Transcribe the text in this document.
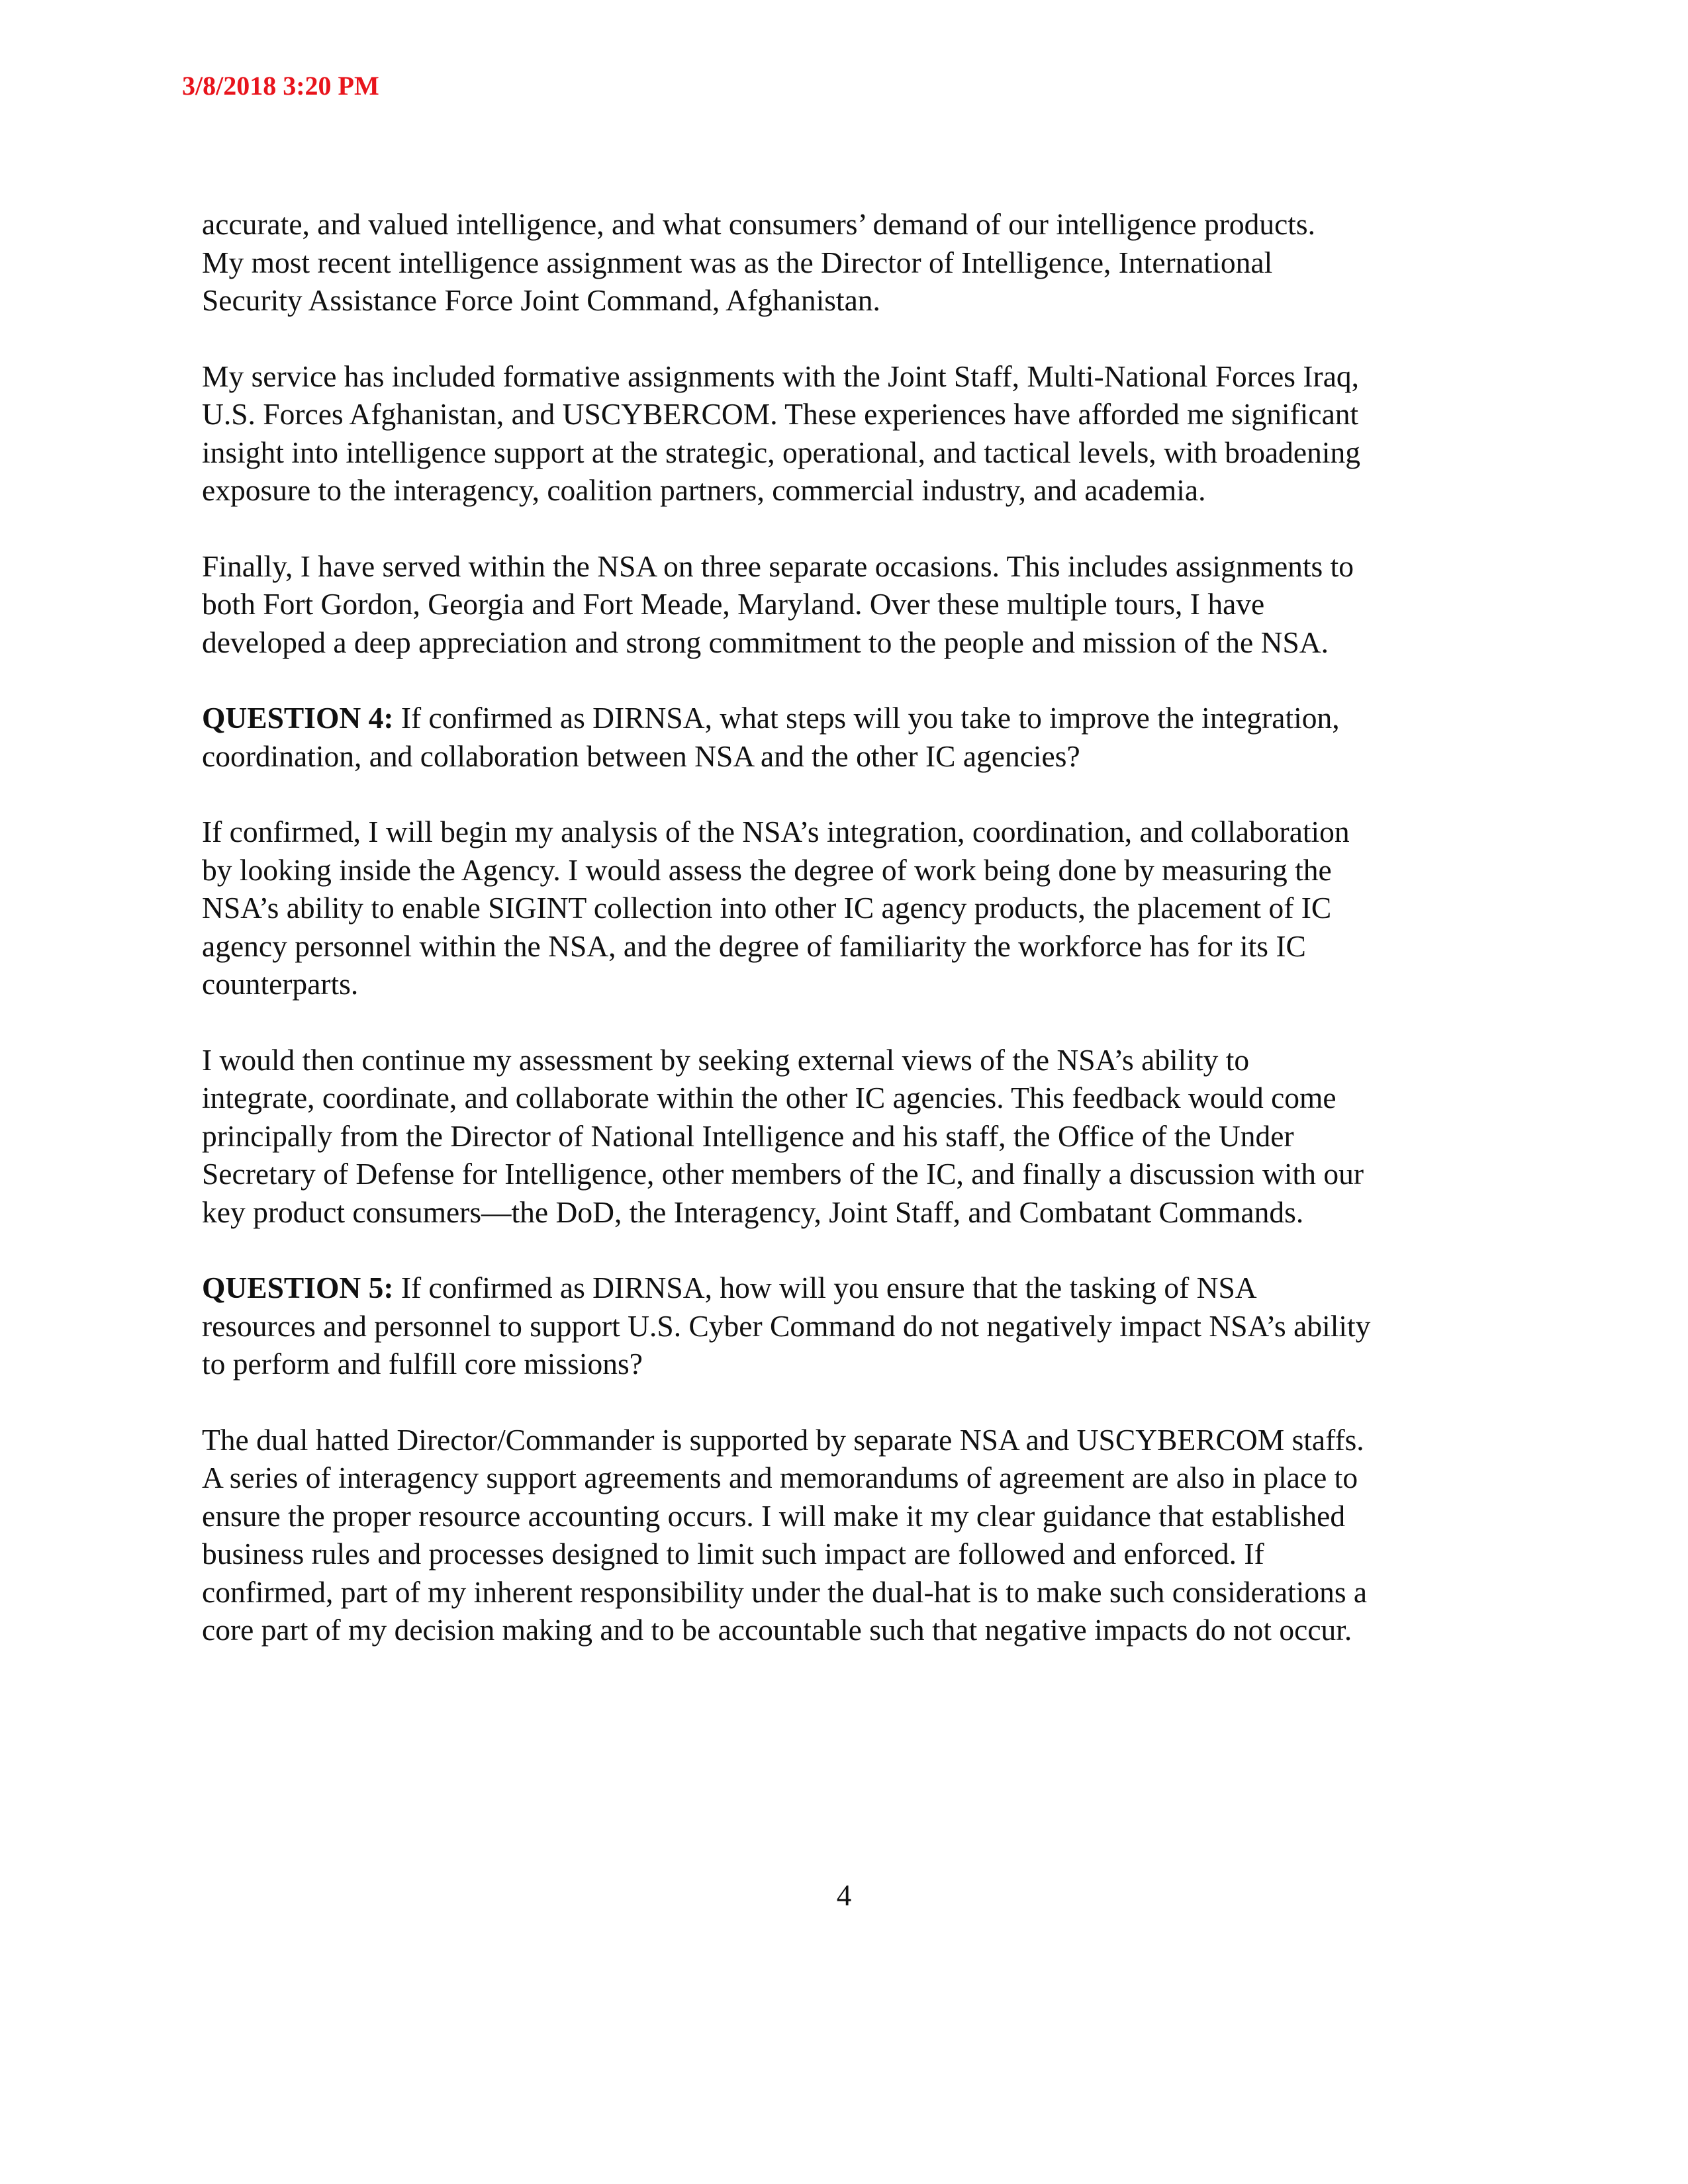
3/8/2018 3:20 PM

accurate, and valued intelligence, and what consumers’ demand of our intelligence products.
My most recent intelligence assignment was as the Director of Intelligence, International
Security Assistance Force Joint Command, Afghanistan.

My service has included formative assignments with the Joint Staff, Multi-National Forces Iraq,
U.S. Forces Afghanistan, and USCYBERCOM. These experiences have afforded me significant
insight into intelligence support at the strategic, operational, and tactical levels, with broadening
exposure to the interagency, coalition partners, commercial industry, and academia.

Finally, I have served within the NSA on three separate occasions. This includes assignments to
both Fort Gordon, Georgia and Fort Meade, Maryland. Over these multiple tours, I have
developed a deep appreciation and strong commitment to the people and mission of the NSA.

QUESTION 4: If confirmed as DIRNSA, what steps will you take to improve the integration,
coordination, and collaboration between NSA and the other IC agencies?

If confirmed, I will begin my analysis of the NSA’s integration, coordination, and collaboration
by looking inside the Agency. I would assess the degree of work being done by measuring the
NSA’s ability to enable SIGINT collection into other IC agency products, the placement of IC
agency personnel within the NSA, and the degree of familiarity the workforce has for its IC
counterparts.

I would then continue my assessment by seeking external views of the NSA’s ability to
integrate, coordinate, and collaborate within the other IC agencies. This feedback would come
principally from the Director of National Intelligence and his staff, the Office of the Under
Secretary of Defense for Intelligence, other members of the IC, and finally a discussion with our
key product consumers—the DoD, the Interagency, Joint Staff, and Combatant Commands.

QUESTION 5: If confirmed as DIRNSA, how will you ensure that the tasking of NSA
resources and personnel to support U.S. Cyber Command do not negatively impact NSA’s ability
to perform and fulfill core missions?

The dual hatted Director/Commander is supported by separate NSA and USCYBERCOM staffs.
A series of interagency support agreements and memorandums of agreement are also in place to
ensure the proper resource accounting occurs. I will make it my clear guidance that established
business rules and processes designed to limit such impact are followed and enforced. If
confirmed, part of my inherent responsibility under the dual-hat is to make such considerations a
core part of my decision making and to be accountable such that negative impacts do not occur.

4
